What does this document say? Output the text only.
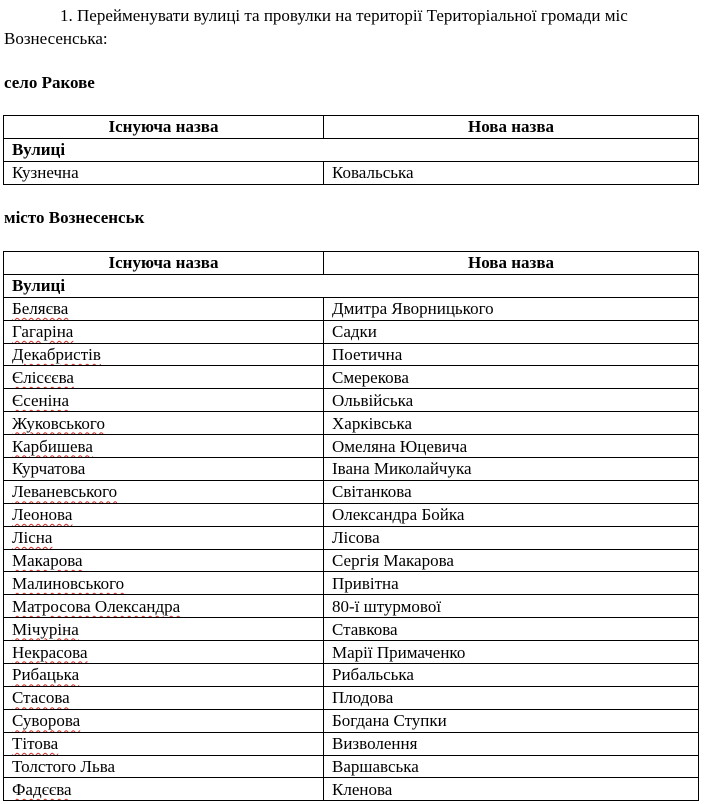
1. Перейменувати вулиці та провулки на території Територіальної громади міс
Вознесенська:
село Ракове
Існуюча назва	Нова назва
Вулиці	
Кузнечна	Ковальська
місто Вознесенськ
Існуюча назва	Нова назва
Вулиці	
Беляєва	Дмитра Яворницького
Гагаріна	Садки
Декабристів	Поетична
Єлісєєва	Смерекова
Єсеніна	Ольвійська
Жуковського	Харківська
Карбишева	Омеляна Юцевича
Курчатова	Івана Миколайчука
Леваневського	Світанкова
Леонова	Олександра Бойка
Лісна	Лісова
Макарова	Сергія Макарова
Малиновського	Привітна
Матросова Олександра	80-ї штурмової
Мічуріна	Ставкова
Некрасова	Марії Примаченко
Рибацька	Рибальська
Стасова	Плодова
Суворова	Богдана Ступки
Тітова	Визволення
Толстого Льва	Варшавська
Фадєєва	Кленова
